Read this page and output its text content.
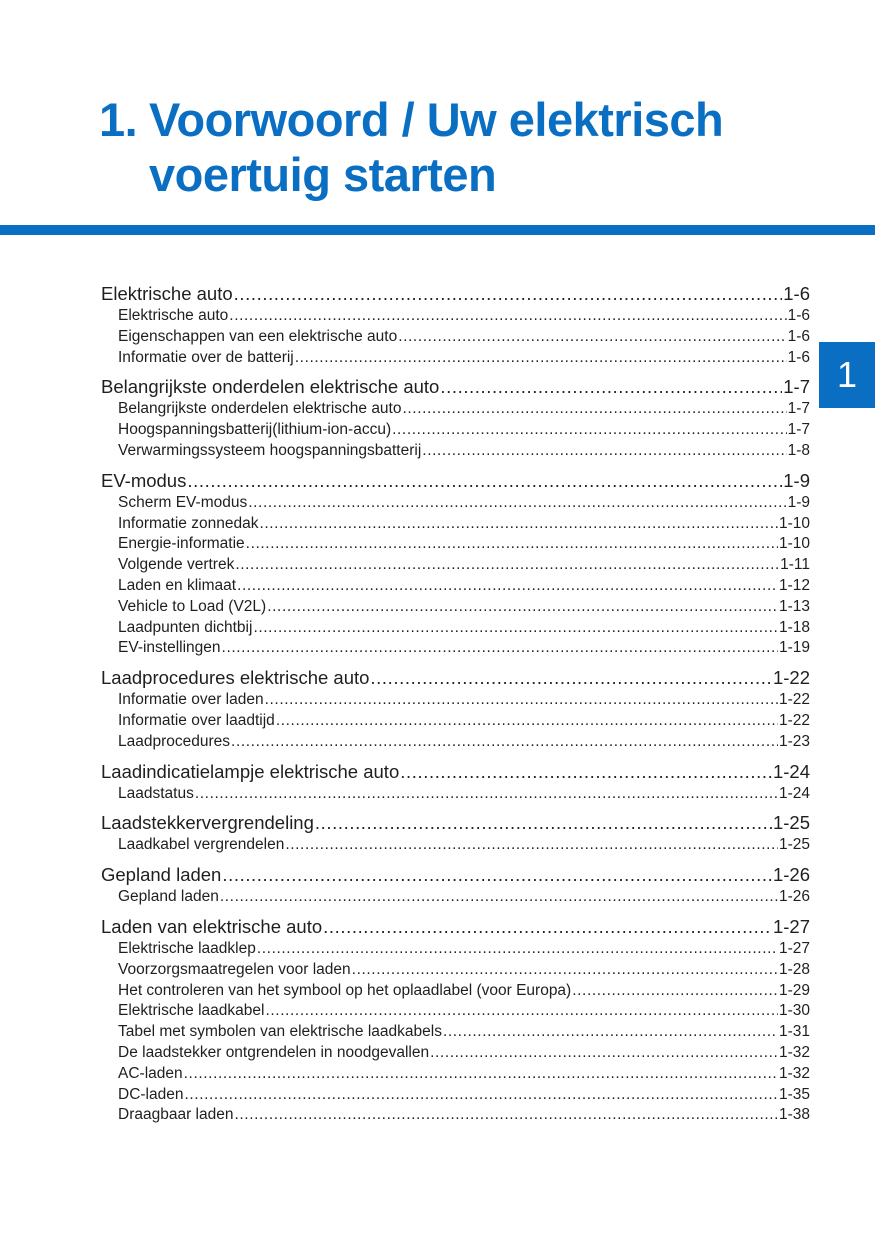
1. Voorwoord / Uw elektrisch
voertuig starten
1
Elektrische auto .....	1-6
Elektrische auto .....	1-6
Eigenschappen van een elektrische auto .....	1-6
Informatie over de batterij .....	1-6
Belangrijkste onderdelen elektrische auto .....	1-7
Belangrijkste onderdelen elektrische auto .....	1-7
Hoogspanningsbatterij(lithium-ion-accu) .....	1-7
Verwarmingssysteem hoogspanningsbatterij .....	1-8
EV-modus .....	1-9
Scherm EV-modus .....	1-9
Informatie zonnedak .....	1-10
Energie-informatie .....	1-10
Volgende vertrek .....	1-11
Laden en klimaat .....	1-12
Vehicle to Load (V2L) .....	1-13
Laadpunten dichtbij .....	1-18
EV-instellingen .....	1-19
Laadprocedures elektrische auto .....	1-22
Informatie over laden .....	1-22
Informatie over laadtijd .....	1-22
Laadprocedures .....	1-23
Laadindicatielampje elektrische auto .....	1-24
Laadstatus .....	1-24
Laadstekkervergrendeling .....	1-25
Laadkabel vergrendelen .....	1-25
Gepland laden .....	1-26
Gepland laden .....	1-26
Laden van elektrische auto .....	1-27
Elektrische laadklep .....	1-27
Voorzorgsmaatregelen voor laden .....	1-28
Het controleren van het symbool op het oplaadlabel (voor Europa) .....	1-29
Elektrische laadkabel .....	1-30
Tabel met symbolen van elektrische laadkabels .....	1-31
De laadstekker ontgrendelen in noodgevallen .....	1-32
AC-laden .....	1-32
DC-laden .....	1-35
Draagbaar laden .....	1-38
